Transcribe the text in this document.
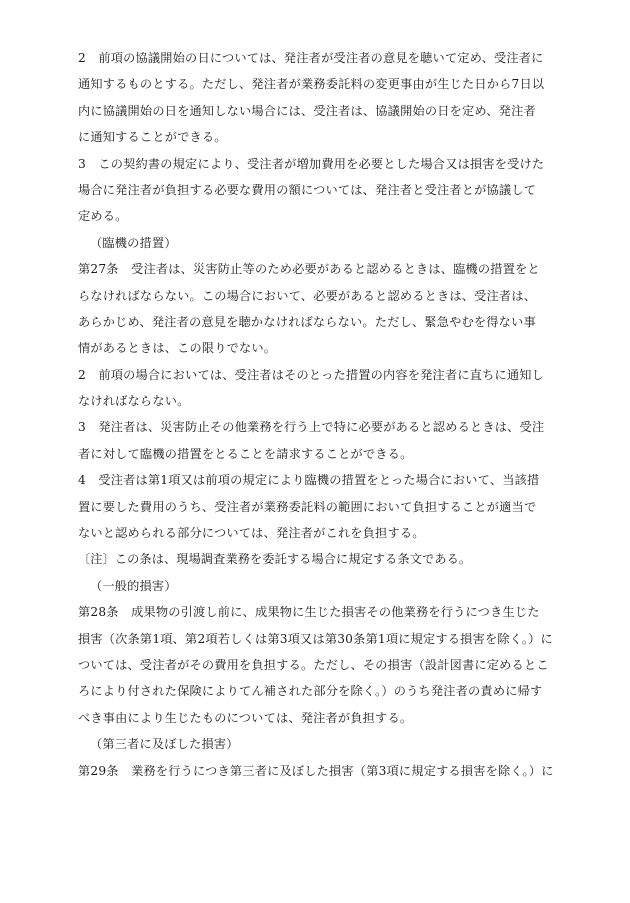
2　前項の協議開始の日については、発注者が受注者の意見を聴いて定め、受注者に
通知するものとする。ただし、発注者が業務委託料の変更事由が生じた日から7日以
内に協議開始の日を通知しない場合には、受注者は、協議開始の日を定め、発注者
に通知することができる。
3　この契約書の規定により、受注者が増加費用を必要とした場合又は損害を受けた
場合に発注者が負担する必要な費用の額については、発注者と受注者とが協議して
定める。
（臨機の措置）
第27条　受注者は、災害防止等のため必要があると認めるときは、臨機の措置をと
らなければならない。この場合において、必要があると認めるときは、受注者は、
あらかじめ、発注者の意見を聴かなければならない。ただし、緊急やむを得ない事
情があるときは、この限りでない。
2　前項の場合においては、受注者はそのとった措置の内容を発注者に直ちに通知し
なければならない。
3　発注者は、災害防止その他業務を行う上で特に必要があると認めるときは、受注
者に対して臨機の措置をとることを請求することができる。
4　受注者は第1項又は前項の規定により臨機の措置をとった場合において、当該措
置に要した費用のうち、受注者が業務委託料の範囲において負担することが適当で
ないと認められる部分については、発注者がこれを負担する。
〔注〕この条は、現場調査業務を委託する場合に規定する条文である。
（一般的損害）
第28条　成果物の引渡し前に、成果物に生じた損害その他業務を行うにつき生じた
損害（次条第1項、第2項若しくは第3項又は第30条第1項に規定する損害を除く。）に
ついては、受注者がその費用を負担する。ただし、その損害（設計図書に定めるとこ
ろにより付された保険によりてん補された部分を除く。）のうち発注者の責めに帰す
べき事由により生じたものについては、発注者が負担する。
（第三者に及ぼした損害）
第29条　業務を行うにつき第三者に及ぼした損害（第3項に規定する損害を除く。）に
